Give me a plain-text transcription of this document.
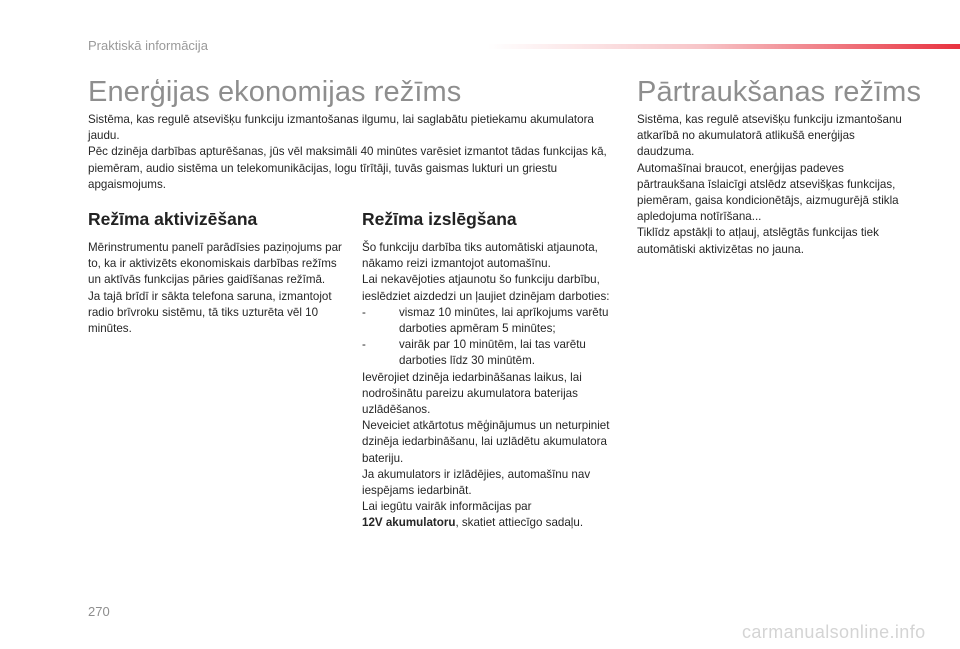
Praktiskā informācija
Enerģijas ekonomijas režīms

Sistēma, kas regulē atsevišķu funkciju izmantošanas ilgumu, lai saglabātu pietiekamu akumulatora jaudu.

Pēc dzinēja darbības apturēšanas, jūs vēl maksimāli 40 minūtes varēsiet izmantot tādas funkcijas kā, piemēram, audio sistēma un telekomunikācijas, logu tīrītāji, tuvās gaismas lukturi un griestu apgaismojums.

Režīma aktivizēšana

Mērinstrumentu panelī parādīsies paziņojums par to, ka ir aktivizēts ekonomiskais darbības režīms un aktīvās funkcijas pāries gaidīšanas režīmā.

Ja tajā brīdī ir sākta telefona saruna, izmantojot radio brīvroku sistēmu, tā tiks uzturēta vēl 10 minūtes.

Režīma izslēgšana

Šo funkciju darbība tiks automātiski atjaunota, nākamo reizi izmantojot automašīnu.

Lai nekavējoties atjaunotu šo funkciju darbību, ieslēdziet aizdedzi un ļaujiet dzinējam darboties:

-	vismaz 10 minūtes, lai aprīkojums varētu darboties apmēram 5 minūtes;
-	vairāk par 10 minūtēm, lai tas varētu darboties līdz 30 minūtēm.

Ievērojiet dzinēja iedarbināšanas laikus, lai nodrošinātu pareizu akumulatora baterijas uzlādēšanos.

Neveiciet atkārtotus mēģinājumus un neturpiniet dzinēja iedarbināšanu, lai uzlādētu akumulatora bateriju.

Ja akumulators ir izlādējies, automašīnu nav iespējams iedarbināt.

Lai iegūtu vairāk informācijas par

12V akumulatoru, skatiet attiecīgo sadaļu.

Pārtraukšanas režīms

Sistēma, kas regulē atsevišķu funkciju izmantošanu atkarībā no akumulatorā atlikušā enerģijas daudzuma.

Automašīnai braucot, enerģijas padeves pārtraukšana īslaicīgi atslēdz atsevišķas funkcijas, piemēram, gaisa kondicionētājs, aizmugurējā stikla apledojuma notīrīšana...

Tiklīdz apstākļi to atļauj, atslēgtās funkcijas tiek automātiski aktivizētas no jauna.

270
carmanualsonline.info
